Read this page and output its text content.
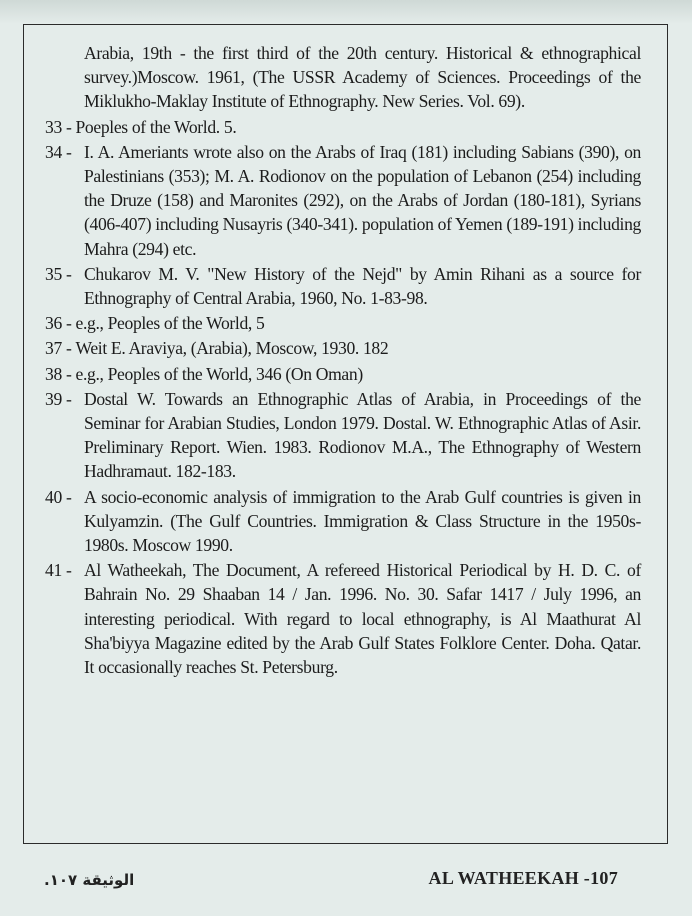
Arabia, 19th - the first third of the 20th century. Historical & ethnographical survey.)Moscow. 1961, (The USSR Academy of Sciences. Proceedings of the Miklukho-Maklay Institute of Ethnography. New Series. Vol. 69).
33 - Poeples of the World. 5.
34 - I. A. Ameriants wrote also on the Arabs of Iraq (181) including Sabians (390), on Palestinians (353); M. A. Rodionov on the population of Lebanon (254) including the Druze (158) and Maronites (292), on the Arabs of Jordan (180-181), Syrians (406-407) including Nusayris (340-341). population of Yemen (189-191) including Mahra (294) etc.
35 - Chukarov M. V. "New History of the Nejd" by Amin Rihani as a source for Ethnography of Central Arabia, 1960, No. 1-83-98.
36 - e.g., Peoples of the World, 5
37 - Weit E. Araviya, (Arabia), Moscow, 1930. 182
38 - e.g., Peoples of the World, 346 (On Oman)
39 - Dostal W. Towards an Ethnographic Atlas of Arabia, in Proceedings of the Seminar for Arabian Studies, London 1979. Dostal. W. Ethnographic Atlas of Asir. Preliminary Report. Wien. 1983. Rodionov M.A., The Ethnography of Western Hadhramaut. 182-183.
40 - A socio-economic analysis of immigration to the Arab Gulf countries is given in Kulyamzin. (The Gulf Countries. Immigration & Class Structure in the 1950s-1980s. Moscow 1990.
41 - Al Watheekah, The Document, A refereed Historical Periodical by H. D. C. of Bahrain No. 29 Shaaban 14 / Jan. 1996. No. 30. Safar 1417 / July 1996, an interesting periodical. With regard to local ethnography, is Al Maathurat Al Sha'biyya Magazine edited by the Arab Gulf States Folklore Center. Doha. Qatar. It occasionally reaches St. Petersburg.
الوثيقة ١٠٧.	AL WATHEEKAH -107
